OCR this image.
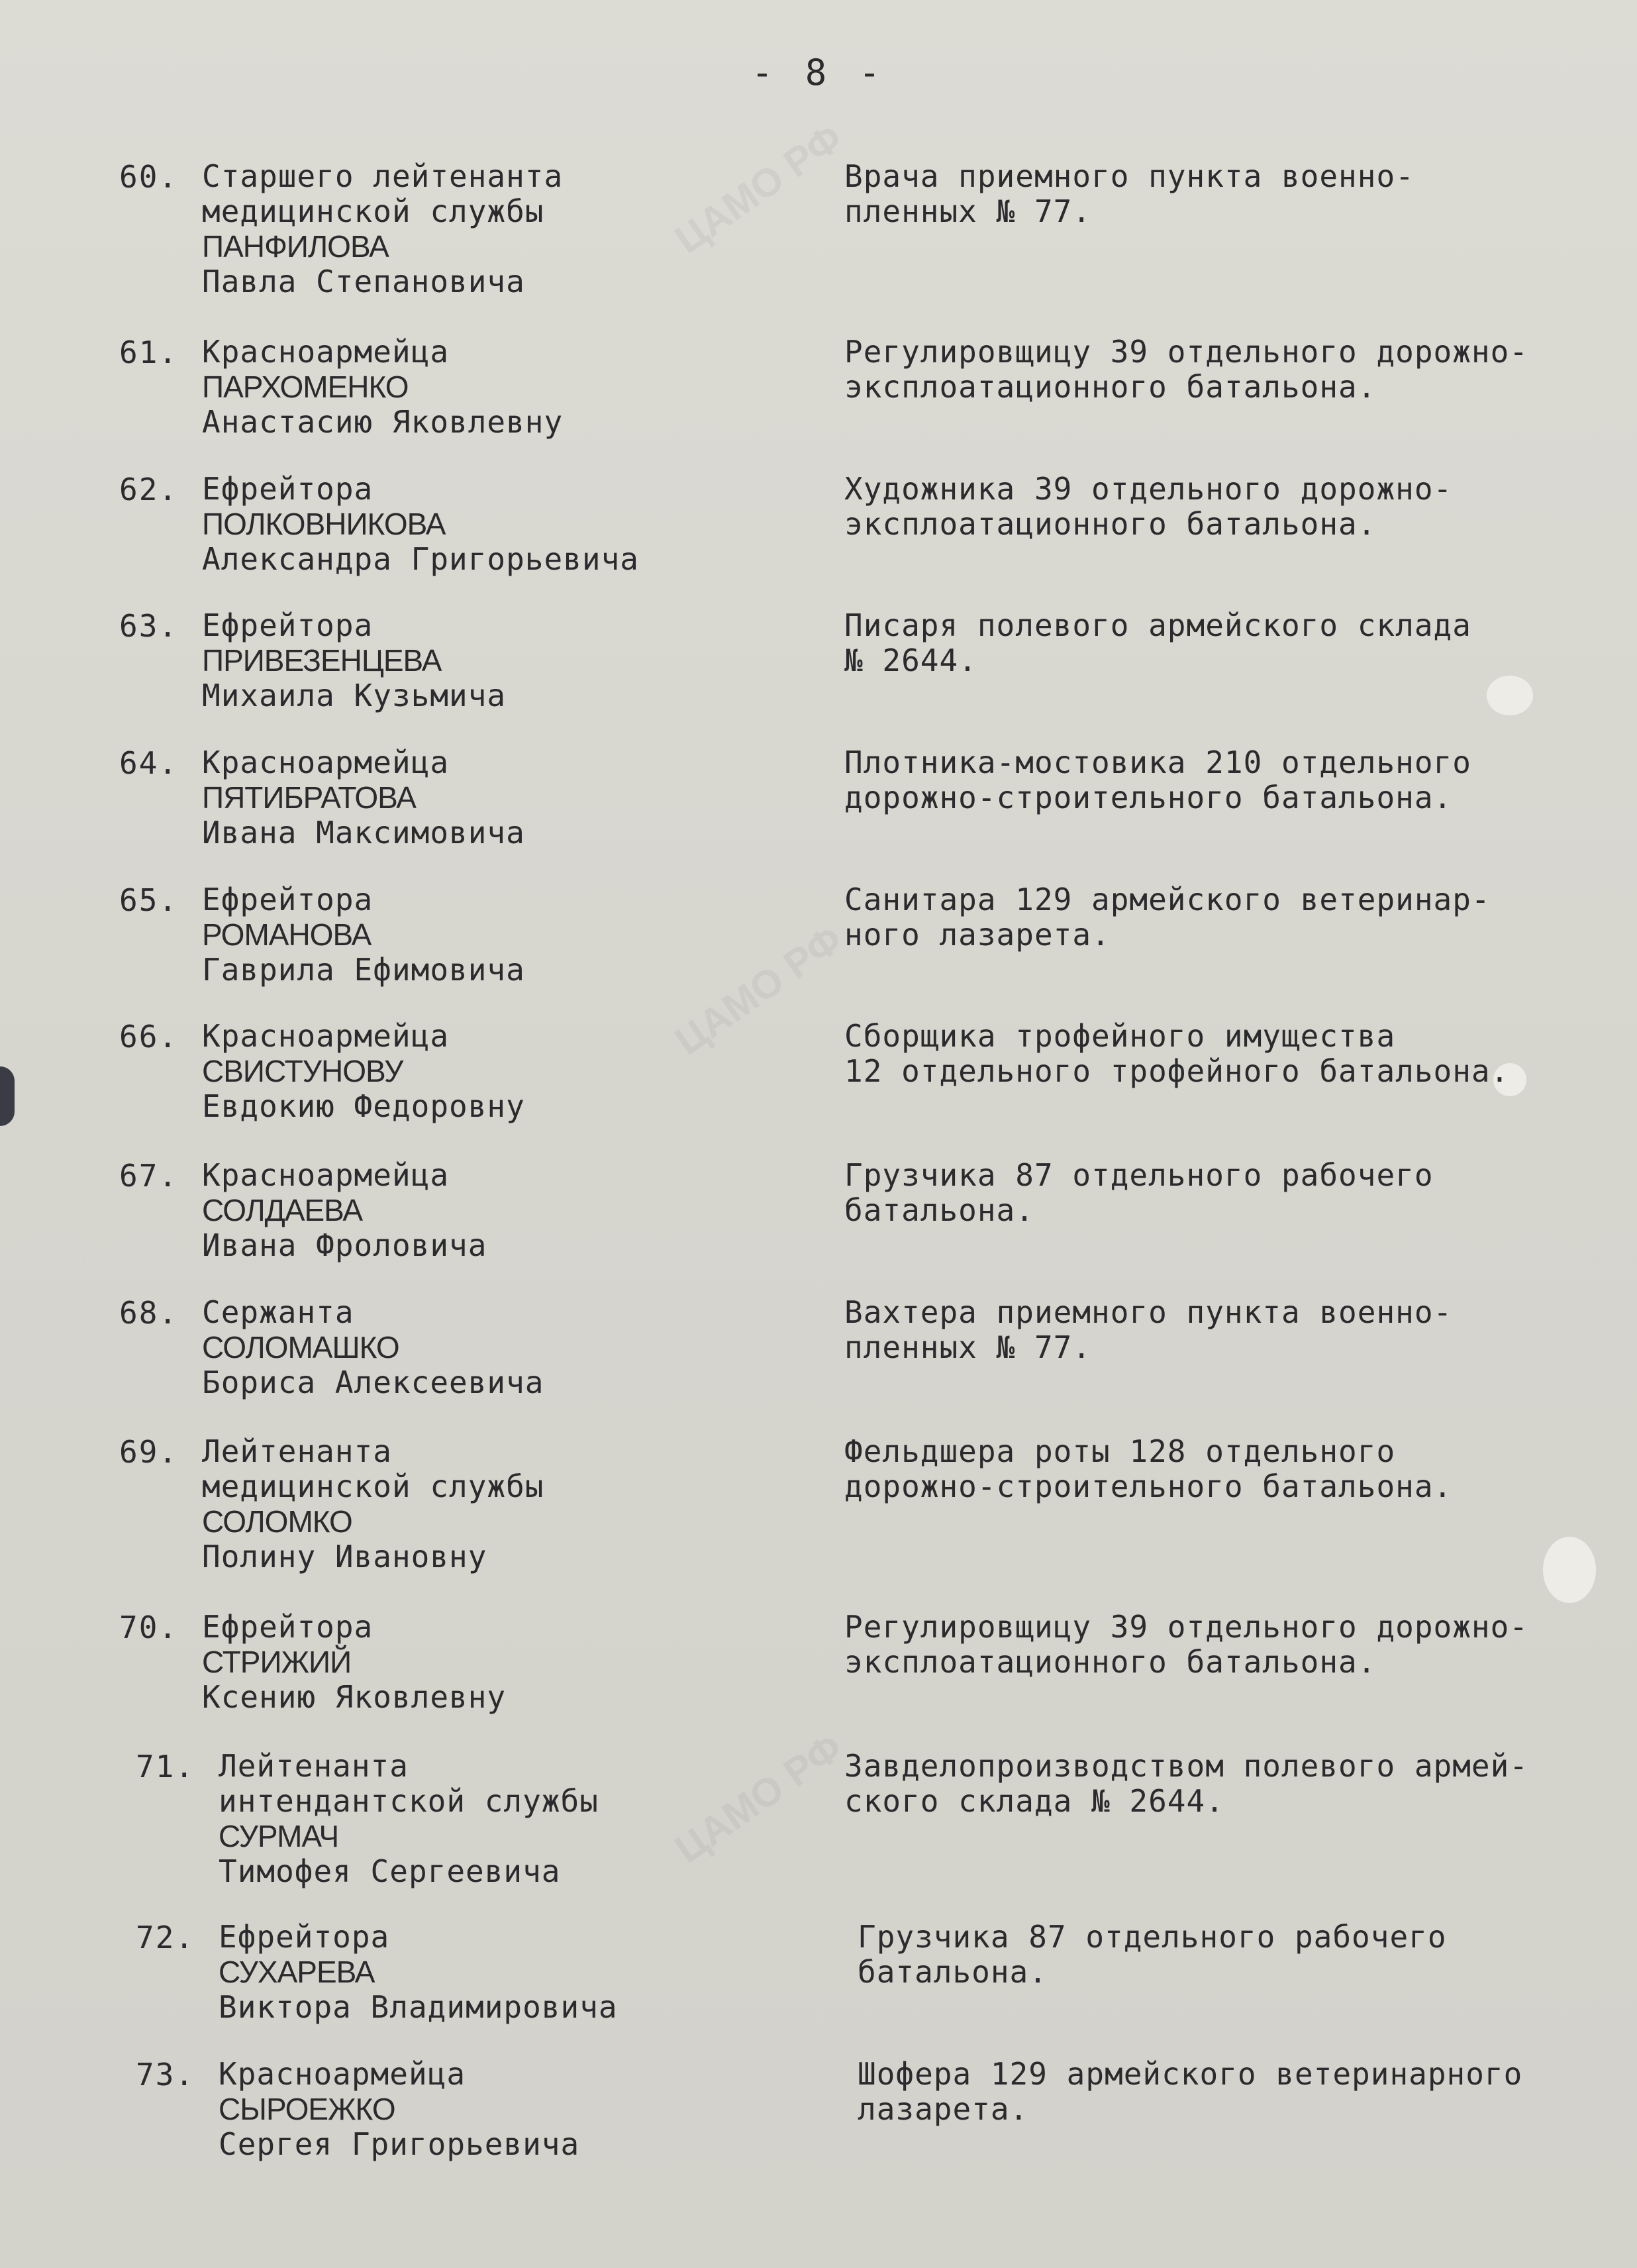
ЦАМО РФ
ЦАМО РФ
ЦАМО РФ
- 8 -
60. Старшего лейтенанта
медицинской службы
ПАНФИЛОВА
Павла Степановича
Врача приемного пункта военно-
пленных № 77.
61. Красноармейца
ПАРХОМЕНКО
Анастасию Яковлевну
Регулировщицу 39 отдельного дорожно-
эксплоатационного батальона.
62. Ефрейтора
ПОЛКОВНИКОВА
Александра Григорьевича
Художника 39 отдельного дорожно-
эксплоатационного батальона.
63. Ефрейтора
ПРИВЕЗЕНЦЕВА
Михаила Кузьмича
Писаря полевого армейского склада
№ 2644.
64. Красноармейца
ПЯТИБРАТОВА
Ивана Максимовича
Плотника-мостовика 210 отдельного
дорожно-строительного батальона.
65. Ефрейтора
РОМАНОВА
Гаврила Ефимовича
Санитара 129 армейского ветеринар-
ного лазарета.
66. Красноармейца
СВИСТУНОВУ
Евдокию Федоровну
Сборщика трофейного имущества
12 отдельного трофейного батальона.
67. Красноармейца
СОЛДАЕВА
Ивана Фроловича
Грузчика 87 отдельного рабочего
батальона.
68. Сержанта
СОЛОМАШКО
Бориса Алексеевича
Вахтера приемного пункта военно-
пленных № 77.
69. Лейтенанта
медицинской службы
СОЛОМКО
Полину Ивановну
Фельдшера роты 128 отдельного
дорожно-строительного батальона.
70. Ефрейтора
СТРИЖИЙ
Ксению Яковлевну
Регулировщицу 39 отдельного дорожно-
эксплоатационного батальона.
71. Лейтенанта
интендантской службы
СУРМАЧ
Тимофея Сергеевича
Завделопроизводством полевого армей-
ского склада № 2644.
72. Ефрейтора
СУХАРЕВА
Виктора Владимировича
Грузчика 87 отдельного рабочего
батальона.
73. Красноармейца
СЫРОЕЖКО
Сергея Григорьевича
Шофера 129 армейского ветеринарного
лазарета.
